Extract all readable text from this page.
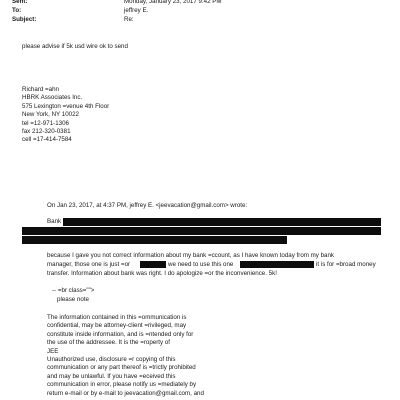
Sent:	Monday, January 23, 2017 9:42 PM
To:	jeffrey E.
Subject:	Re:
please advise if 5k usd wire ok to send
Richard =ahn
HBRK Associates Inc.
575 Lexington =venue 4th Floor
New York, NY 10022
tel =12-971-1306
fax 212-320-0381
cell =17-414-7584
On Jan 23, 2017, at 4:37 PM, jeffrey E. <jeevacation@gmail.com> wrote:
Bank
because I gave you not correct information about my bank =ccount, as I have known today from my bank
manager, those one is just =or	we need to use this one	it is for =broad money
transfer. Information about bank was right. I do apologize =or the inconvenience. 5k!
-- =br class="">
please note
The information contained in this =ommunication is
confidential, may be attorney-client =rivileged, may
constitute inside information, and is =ntended only for
the use of the addressee. It is the =roperty of
JEE
Unauthorized use, disclosure =r copying of this
communication or any part thereof is =trictly prohibited
and may be unlawful. If you have =eceived this
communication in error, please notify us =mediately by
return e-mail or by e-mail to jeevacation@gmail.com, and
